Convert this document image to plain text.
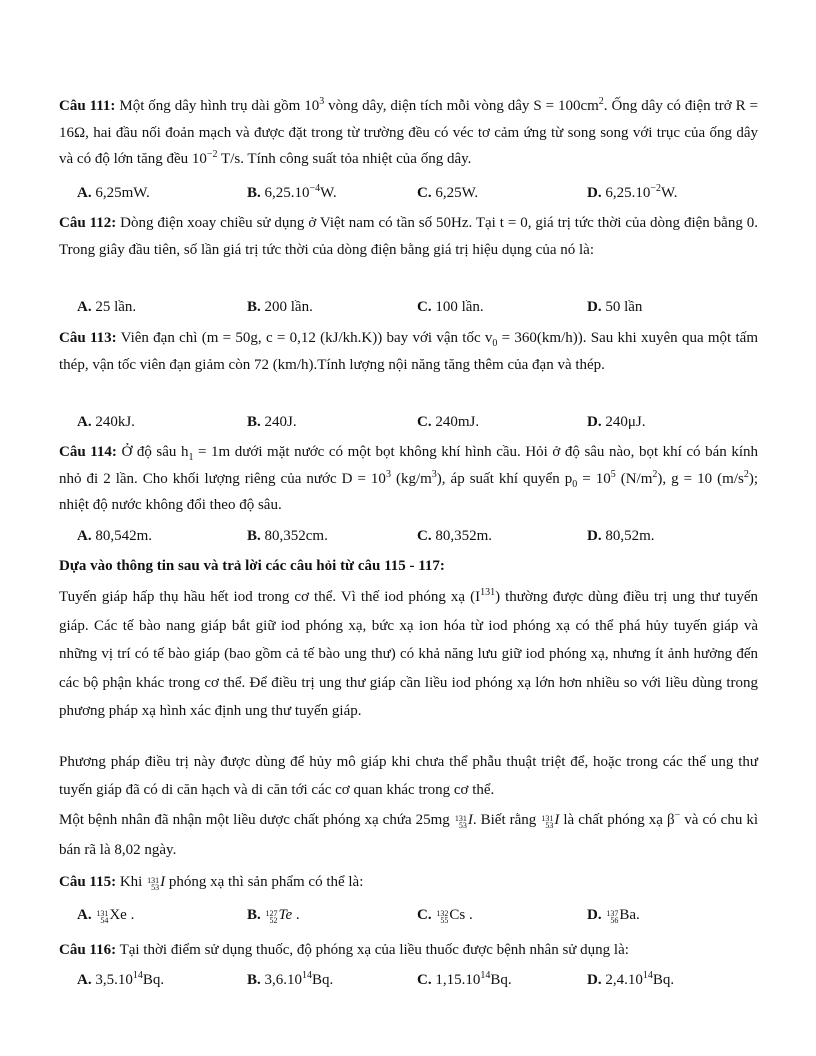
Câu 111: Một ống dây hình trụ dài gồm $10^3$ vòng dây, diện tích mỗi vòng dây $S = 100cm^2$. Ống dây có điện trở R = 16Ω, hai đầu nối đoản mạch và được đặt trong từ trường đều có véc tơ cảm ứng từ song song với trục của ống dây và có độ lớn tăng đều $10^{-2}$ T/s. Tính công suất tỏa nhiệt của ống dây.
A. 6,25mW.	B. $6,25.10^{-4}W$.	C. 6,25W.	D. $6,25.10^{-2}W$.
Câu 112: Dòng điện xoay chiều sử dụng ở Việt nam có tần số 50Hz. Tại t = 0, giá trị tức thời của dòng điện bằng 0. Trong giây đầu tiên, số lần giá trị tức thời của dòng điện bằng giá trị hiệu dụng của nó là:
A. 25 lần.	B. 200 lần.	C. 100 lần.	D. 50 lần
Câu 113: Viên đạn chì (m = 50g, c = 0,12 (kJ/kh.K)) bay với vận tốc $v_0 = 360(km/h)$). Sau khi xuyên qua một tấm thép, vận tốc viên đạn giảm còn 72 (km/h).Tính lượng nội năng tăng thêm của đạn và thép.
A. 240kJ.	B. 240J.	C. 240mJ.	D. 240μJ.
Câu 114: Ở độ sâu $h_1 = 1m$ dưới mặt nước có một bọt không khí hình cầu. Hỏi ở độ sâu nào, bọt khí có bán kính nhỏ đi 2 lần. Cho khối lượng riêng của nước $D = 10^3$ $(kg/m^3)$, áp suất khí quyển $p_0 = 10^5$ $(N/m^2)$, g = 10 $(m/s^2)$; nhiệt độ nước không đổi theo độ sâu.
A. 80,542m.	B. 80,352cm.	C. 80,352m.	D. 80,52m.
Dựa vào thông tin sau và trả lời các câu hỏi từ câu 115 - 117:
Tuyến giáp hấp thụ hầu hết iod trong cơ thể. Vì thế iod phóng xạ $(I^{131})$ thường được dùng điều trị ung thư tuyến giáp. Các tế bào nang giáp bắt giữ iod phóng xạ, bức xạ ion hóa từ iod phóng xạ có thể phá hủy tuyến giáp và những vị trí có tế bào giáp (bao gồm cả tế bào ung thư) có khả năng lưu giữ iod phóng xạ, nhưng ít ảnh hưởng đến các bộ phận khác trong cơ thể. Để điều trị ung thư giáp cần liều iod phóng xạ lớn hơn nhiều so với liều dùng trong phương pháp xạ hình xác định ung thư tuyến giáp.
Phương pháp điều trị này được dùng để hủy mô giáp khi chưa thể phẫu thuật triệt để, hoặc trong các thể ung thư tuyến giáp đã có di căn hạch và di căn tới các cơ quan khác trong cơ thể.
Một bệnh nhân đã nhận một liều dược chất phóng xạ chứa 25mg 131
53 I. Biết rằng 131
53 I là chất phóng xạ β− và có chu kì bán rã là 8,02 ngày.
Câu 115: Khi 131
53 I phóng xạ thì sản phẩm có thể là:
A. 131
54 Xe .	B. 127
52 Te .	C. 132
55 Cs .	D. 137
56 Ba.
Câu 116: Tại thời điểm sử dụng thuốc, độ phóng xạ của liều thuốc được bệnh nhân sử dụng là:
A. 3,5.10$^{14}$Bq.	B. 3,6.10$^{14}$Bq.	C. 1,15.10$^{14}$Bq.	D. 2,4.10$^{14}$Bq.
